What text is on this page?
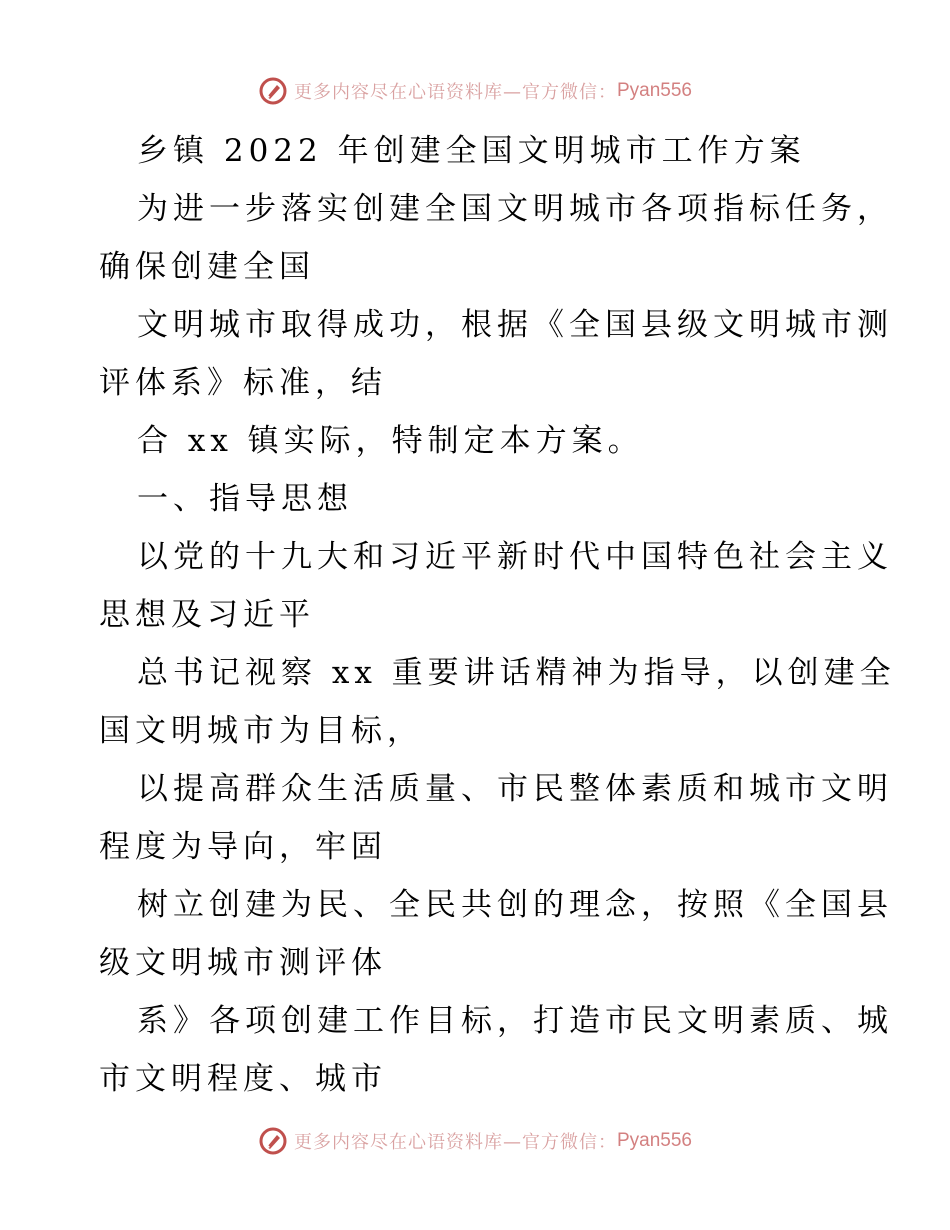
更多内容尽在心语资料库—官方微信： Pyan556

乡镇 2022 年创建全国文明城市工作方案

为进一步落实创建全国文明城市各项指标任务，

确保创建全国

文明城市取得成功，根据《全国县级文明城市测

评体系》标准，结

合 xx 镇实际，特制定本方案。

一、指导思想

以党的十九大和习近平新时代中国特色社会主义

思想及习近平

总书记视察 xx 重要讲话精神为指导，以创建全

国文明城市为目标，

以提高群众生活质量、市民整体素质和城市文明

程度为导向，牢固

树立创建为民、全民共创的理念，按照《全国县

级文明城市测评体

系》各项创建工作目标，打造市民文明素质、城

市文明程度、城市

更多内容尽在心语资料库—官方微信： Pyan556
